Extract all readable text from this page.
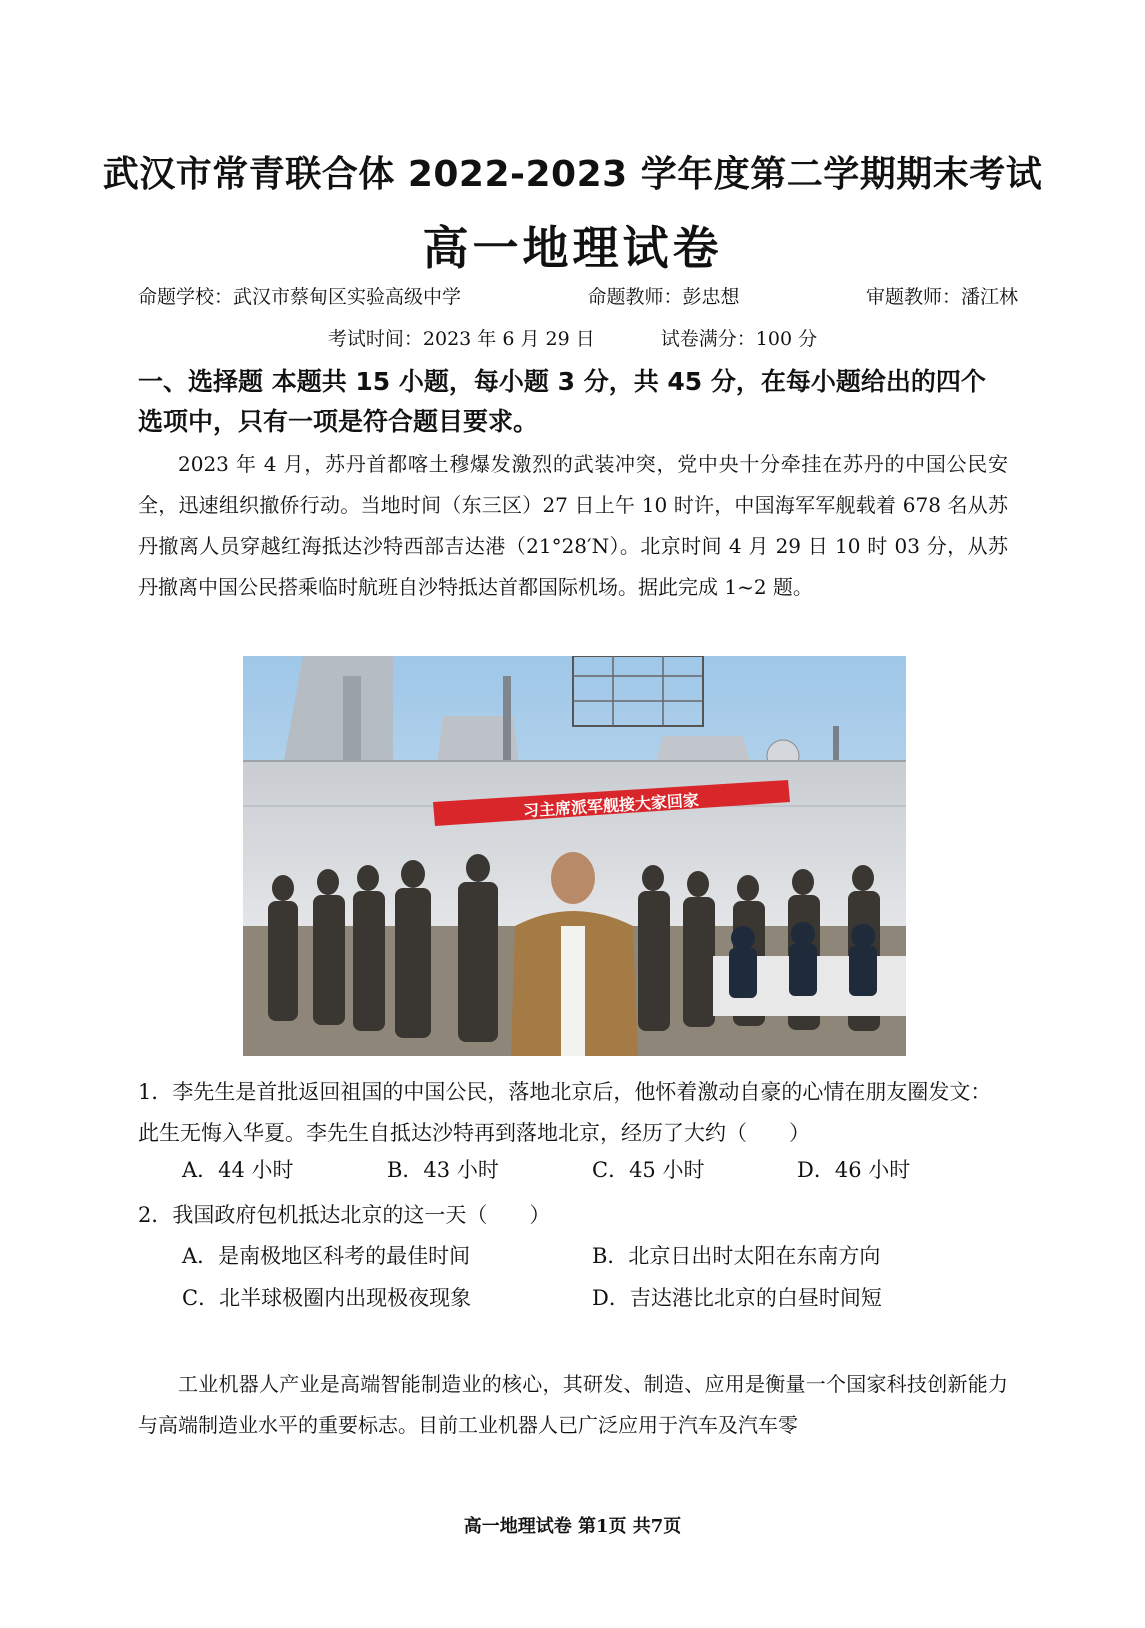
武汉市常青联合体 2022-2023 学年度第二学期期末考试
高一地理试卷
命题学校：武汉市蔡甸区实验高级中学	命题教师：彭忠想	审题教师：潘江林
考试时间：2023 年 6 月 29 日	试卷满分：100 分
一、选择题 本题共 15 小题，每小题 3 分，共 45 分，在每小题给出的四个选项中，只有一项是符合题目要求。
2023 年 4 月，苏丹首都喀土穆爆发激烈的武装冲突，党中央十分牵挂在苏丹的中国公民安全，迅速组织撤侨行动。当地时间（东三区）27 日上午 10 时许，中国海军军舰载着 678 名从苏丹撤离人员穿越红海抵达沙特西部吉达港（21°28′N）。北京时间 4 月 29 日 10 时 03 分，从苏丹撤离中国公民搭乘临时航班自沙特抵达首都国际机场。据此完成 1~2 题。
习主席派军舰接大家回家
1．李先生是首批返回祖国的中国公民，落地北京后，他怀着激动自豪的心情在朋友圈发文：此生无悔入华夏。李先生自抵达沙特再到落地北京，经历了大约（　　）
A．44 小时	B．43 小时	C．45 小时	D．46 小时
2．我国政府包机抵达北京的这一天（　　）
A．是南极地区科考的最佳时间	B．北京日出时太阳在东南方向
C．北半球极圈内出现极夜现象	D．吉达港比北京的白昼时间短
工业机器人产业是高端智能制造业的核心，其研发、制造、应用是衡量一个国家科技创新能力与高端制造业水平的重要标志。目前工业机器人已广泛应用于汽车及汽车零
高一地理试卷 第1页 共7页
